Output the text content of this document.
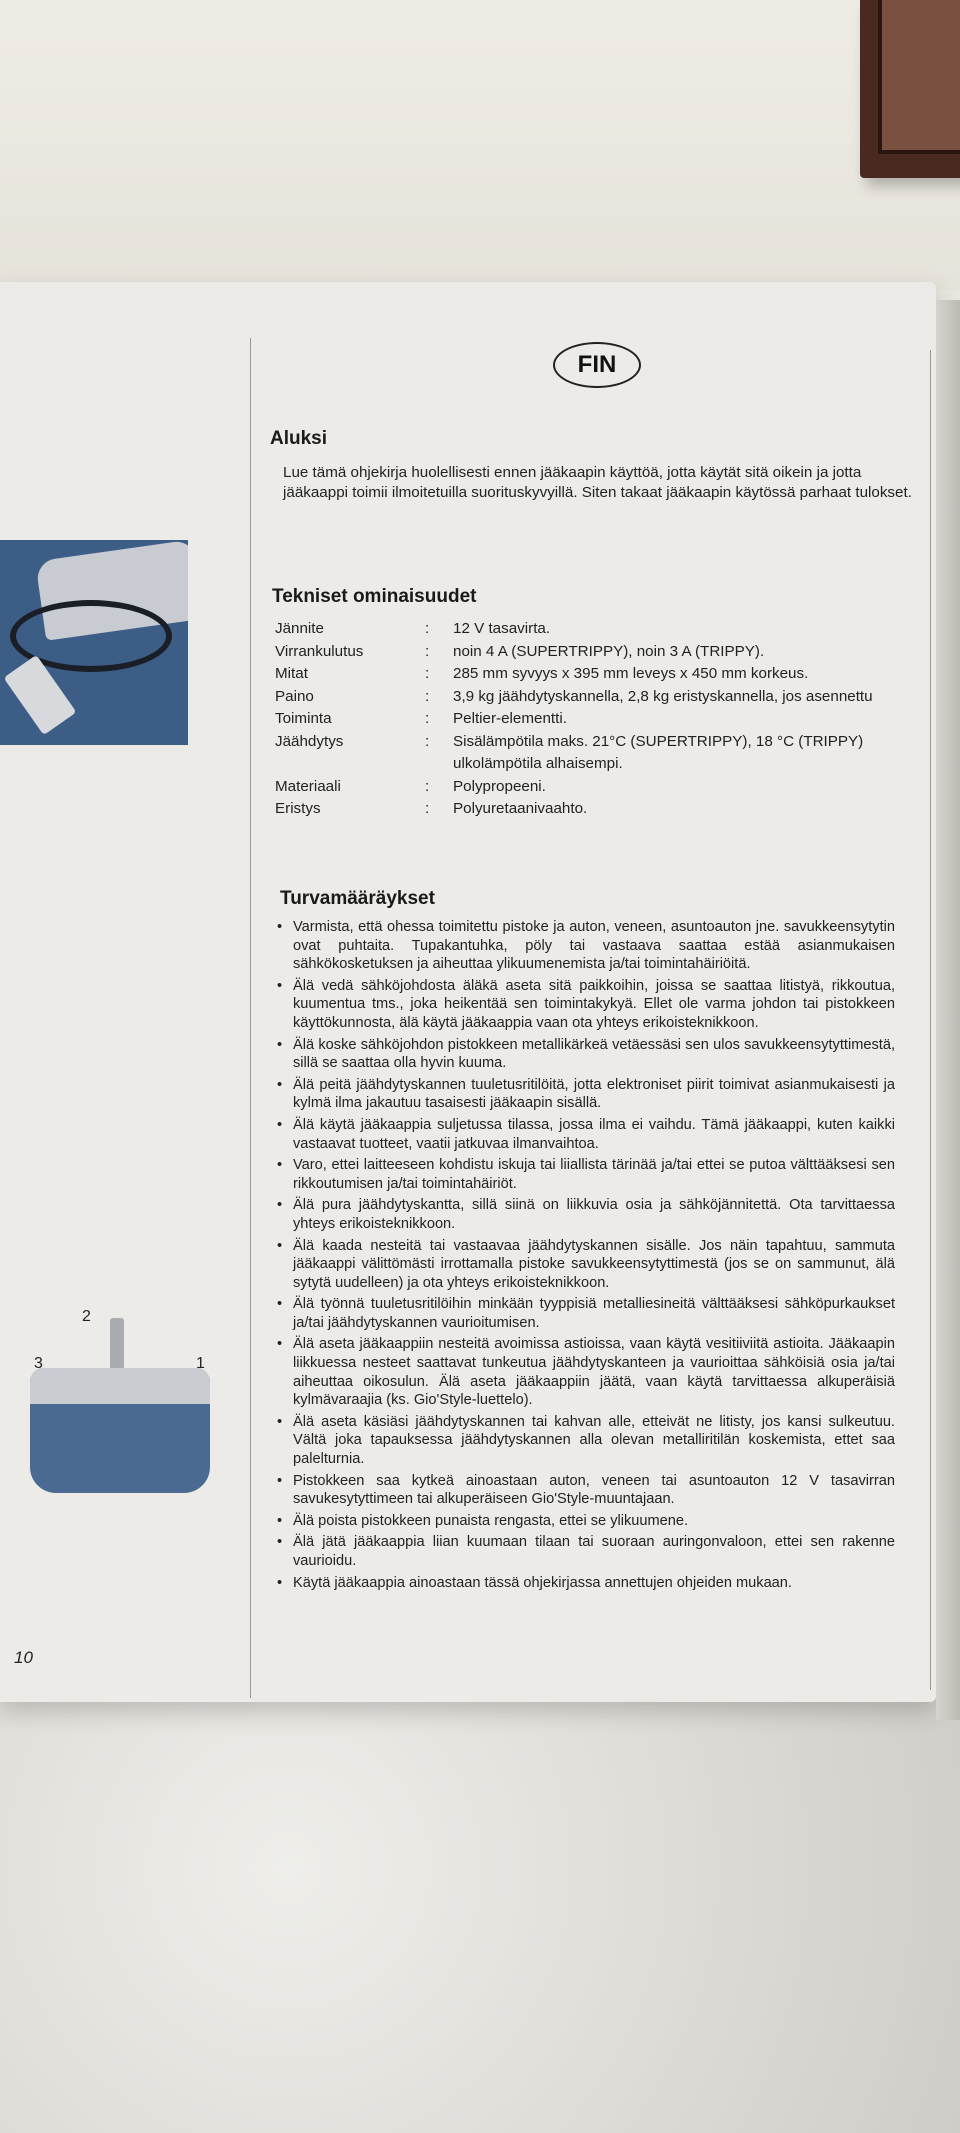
2
3	1
10
FIN
Aluksi
Lue tämä ohjekirja huolellisesti ennen jääkaapin käyttöä, jotta käytät sitä oikein ja jotta jääkaappi toimii ilmoitetuilla suorituskyvyillä. Siten takaat jääkaapin käytössä parhaat tulokset.
Tekniset ominaisuudet
Jännite	:	12 V tasavirta.
Virrankulutus	:	noin 4 A (SUPERTRIPPY), noin 3 A (TRIPPY).
Mitat	:	285 mm syvyys x 395 mm leveys x 450 mm korkeus.
Paino	:	3,9 kg jäähdytyskannella, 2,8 kg eristyskannella, jos asennettu
Toiminta	:	Peltier-elementti.
Jäähdytys	:	Sisälämpötila maks. 21°C (SUPERTRIPPY), 18 °C (TRIPPY) ulkolämpötila alhaisempi.
Materiaali	:	Polypropeeni.
Eristys	:	Polyuretaanivaahto.
Turvamääräykset
• Varmista, että ohessa toimitettu pistoke ja auton, veneen, asuntoauton jne. savukkeensytytin ovat puhtaita. Tupakantuhka, pöly tai vastaava saattaa estää asianmukaisen sähkökosketuksen ja aiheuttaa ylikuumenemista ja/tai toimintahäiriöitä.
• Älä vedä sähköjohdosta äläkä aseta sitä paikkoihin, joissa se saattaa litistyä, rikkoutua, kuumentua tms., joka heikentää sen toimintakykyä. Ellet ole varma johdon tai pistokkeen käyttökunnosta, älä käytä jääkaappia vaan ota yhteys erikoisteknikkoon.
• Älä koske sähköjohdon pistokkeen metallikärkeä vetäessäsi sen ulos savukkeensytyttimestä, sillä se saattaa olla hyvin kuuma.
• Älä peitä jäähdytyskannen tuuletusritilöitä, jotta elektroniset piirit toimivat asianmukaisesti ja kylmä ilma jakautuu tasaisesti jääkaapin sisällä.
• Älä käytä jääkaappia suljetussa tilassa, jossa ilma ei vaihdu. Tämä jääkaappi, kuten kaikki vastaavat tuotteet, vaatii jatkuvaa ilmanvaihtoa.
• Varo, ettei laitteeseen kohdistu iskuja tai liiallista tärinää ja/tai ettei se putoa välttääksesi sen rikkoutumisen ja/tai toimintahäiriöt.
• Älä pura jäähdytyskantta, sillä siinä on liikkuvia osia ja sähköjännitettä. Ota tarvittaessa yhteys erikoisteknikkoon.
• Älä kaada nesteitä tai vastaavaa jäähdytyskannen sisälle. Jos näin tapahtuu, sammuta jääkaappi välittömästi irrottamalla pistoke savukkeensytyttimestä (jos se on sammunut, älä sytytä uudelleen) ja ota yhteys erikoisteknikkoon.
• Älä työnnä tuuletusritilöihin minkään tyyppisiä metalliesineitä välttääksesi sähköpurkaukset ja/tai jäähdytyskannen vaurioitumisen.
• Älä aseta jääkaappiin nesteitä avoimissa astioissa, vaan käytä vesitiiviitä astioita. Jääkaapin liikkuessa nesteet saattavat tunkeutua jäähdytyskanteen ja vaurioittaa sähköisiä osia ja/tai aiheuttaa oikosulun. Älä aseta jääkaappiin jäätä, vaan käytä tarvittaessa alkuperäisiä kylmävaraajia (ks. Gio'Style-luettelo).
• Älä aseta käsiäsi jäähdytyskannen tai kahvan alle, etteivät ne litisty, jos kansi sulkeutuu. Vältä joka tapauksessa jäähdytyskannen alla olevan metalliritilän koskemista, ettet saa palelturnia.
• Pistokkeen saa kytkeä ainoastaan auton, veneen tai asuntoauton 12 V tasavirran savukesytyttimeen tai alkuperäiseen Gio'Style-muuntajaan.
• Älä poista pistokkeen punaista rengasta, ettei se ylikuumene.
• Älä jätä jääkaappia liian kuumaan tilaan tai suoraan auringonvaloon, ettei sen rakenne vaurioidu.
• Käytä jääkaappia ainoastaan tässä ohjekirjassa annettujen ohjeiden mukaan.
